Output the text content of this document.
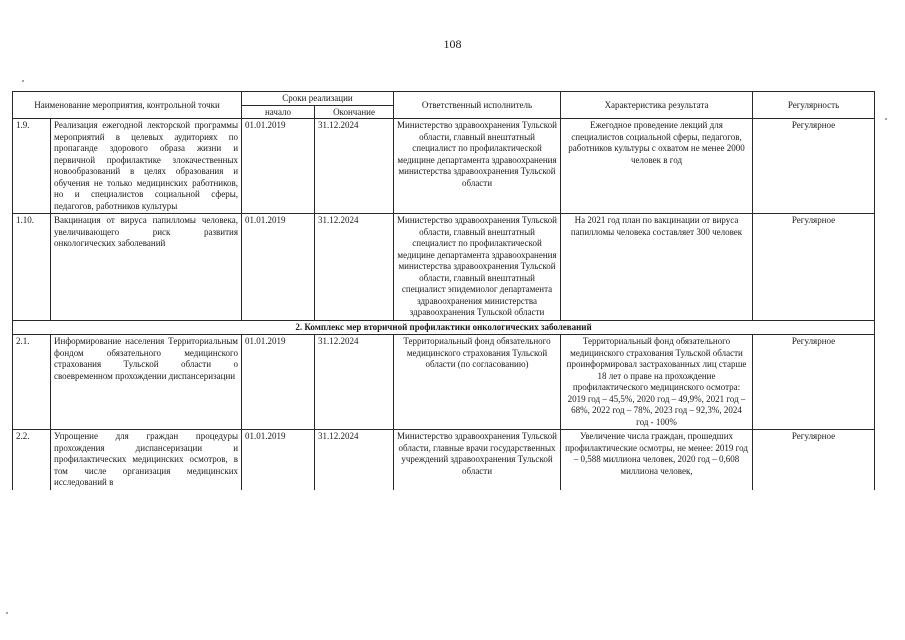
108
Наименование мероприятия, контрольной точки		Сроки реализации		Ответственный исполнитель	Характеристика результата	Регулярность
		начало	Окончание			
1.9.	Реализация ежегодной лекторской программы мероприятий в целевых аудиториях по пропаганде здорового образа жизни и первичной профилактике злокачественных новообразований в целях образования и обучения не только медицинских работников, но и специалистов социальной сферы, педагогов, работников культуры	01.01.2019	31.12.2024	Министерство здравоохранения Тульской области, главный внештатный специалист по профилактической медицине департамента здравоохранения министерства здравоохранения Тульской области	Ежегодное проведение лекций для специалистов социальной сферы, педагогов, работников культуры с охватом не менее 2000 человек в год	Регулярное
1.10.	Вакцинация от вируса папилломы человека, увеличивающего риск развития онкологических заболеваний	01.01.2019	31.12.2024	Министерство здравоохранения Тульской области, главный внештатный специалист по профилактической медицине департамента здравоохранения министерства здравоохранения Тульской области, главный внештатный специалист эпидемиолог департамента здравоохранения министерства здравоохранения Тульской области	На 2021 год план по вакцинации от вируса папилломы человека составляет 300 человек	Регулярное
2. Комплекс мер вторичной профилактики онкологических заболеваний						
2.1.	Информирование населения Территориальным фондом обязательного медицинского страхования Тульской области о своевременном прохождении диспансеризации	01.01.2019	31.12.2024	Территориальный фонд обязательного медицинского страхования Тульской области (по согласованию)	Территориальный фонд обязательного медицинского страхования Тульской области проинформировал застрахованных лиц старше 18 лет о праве на прохождение профилактического медицинского осмотра: 2019 год – 45,5%, 2020 год – 49,9%, 2021 год – 68%, 2022 год – 78%, 2023 год – 92,3%, 2024 год - 100%	Регулярное
2.2.	Упрощение для граждан процедуры прохождения диспансеризации и профилактических медицинских осмотров, в том числе организация медицинских исследований в	01.01.2019	31.12.2024	Министерство здравоохранения Тульской области, главные врачи государственных учреждений здравоохранения Тульской области	Увеличение числа граждан, прошедших профилактические осмотры, не менее: 2019 год – 0,588 миллиона человек, 2020 год – 0,608 миллиона человек,	Регулярное
